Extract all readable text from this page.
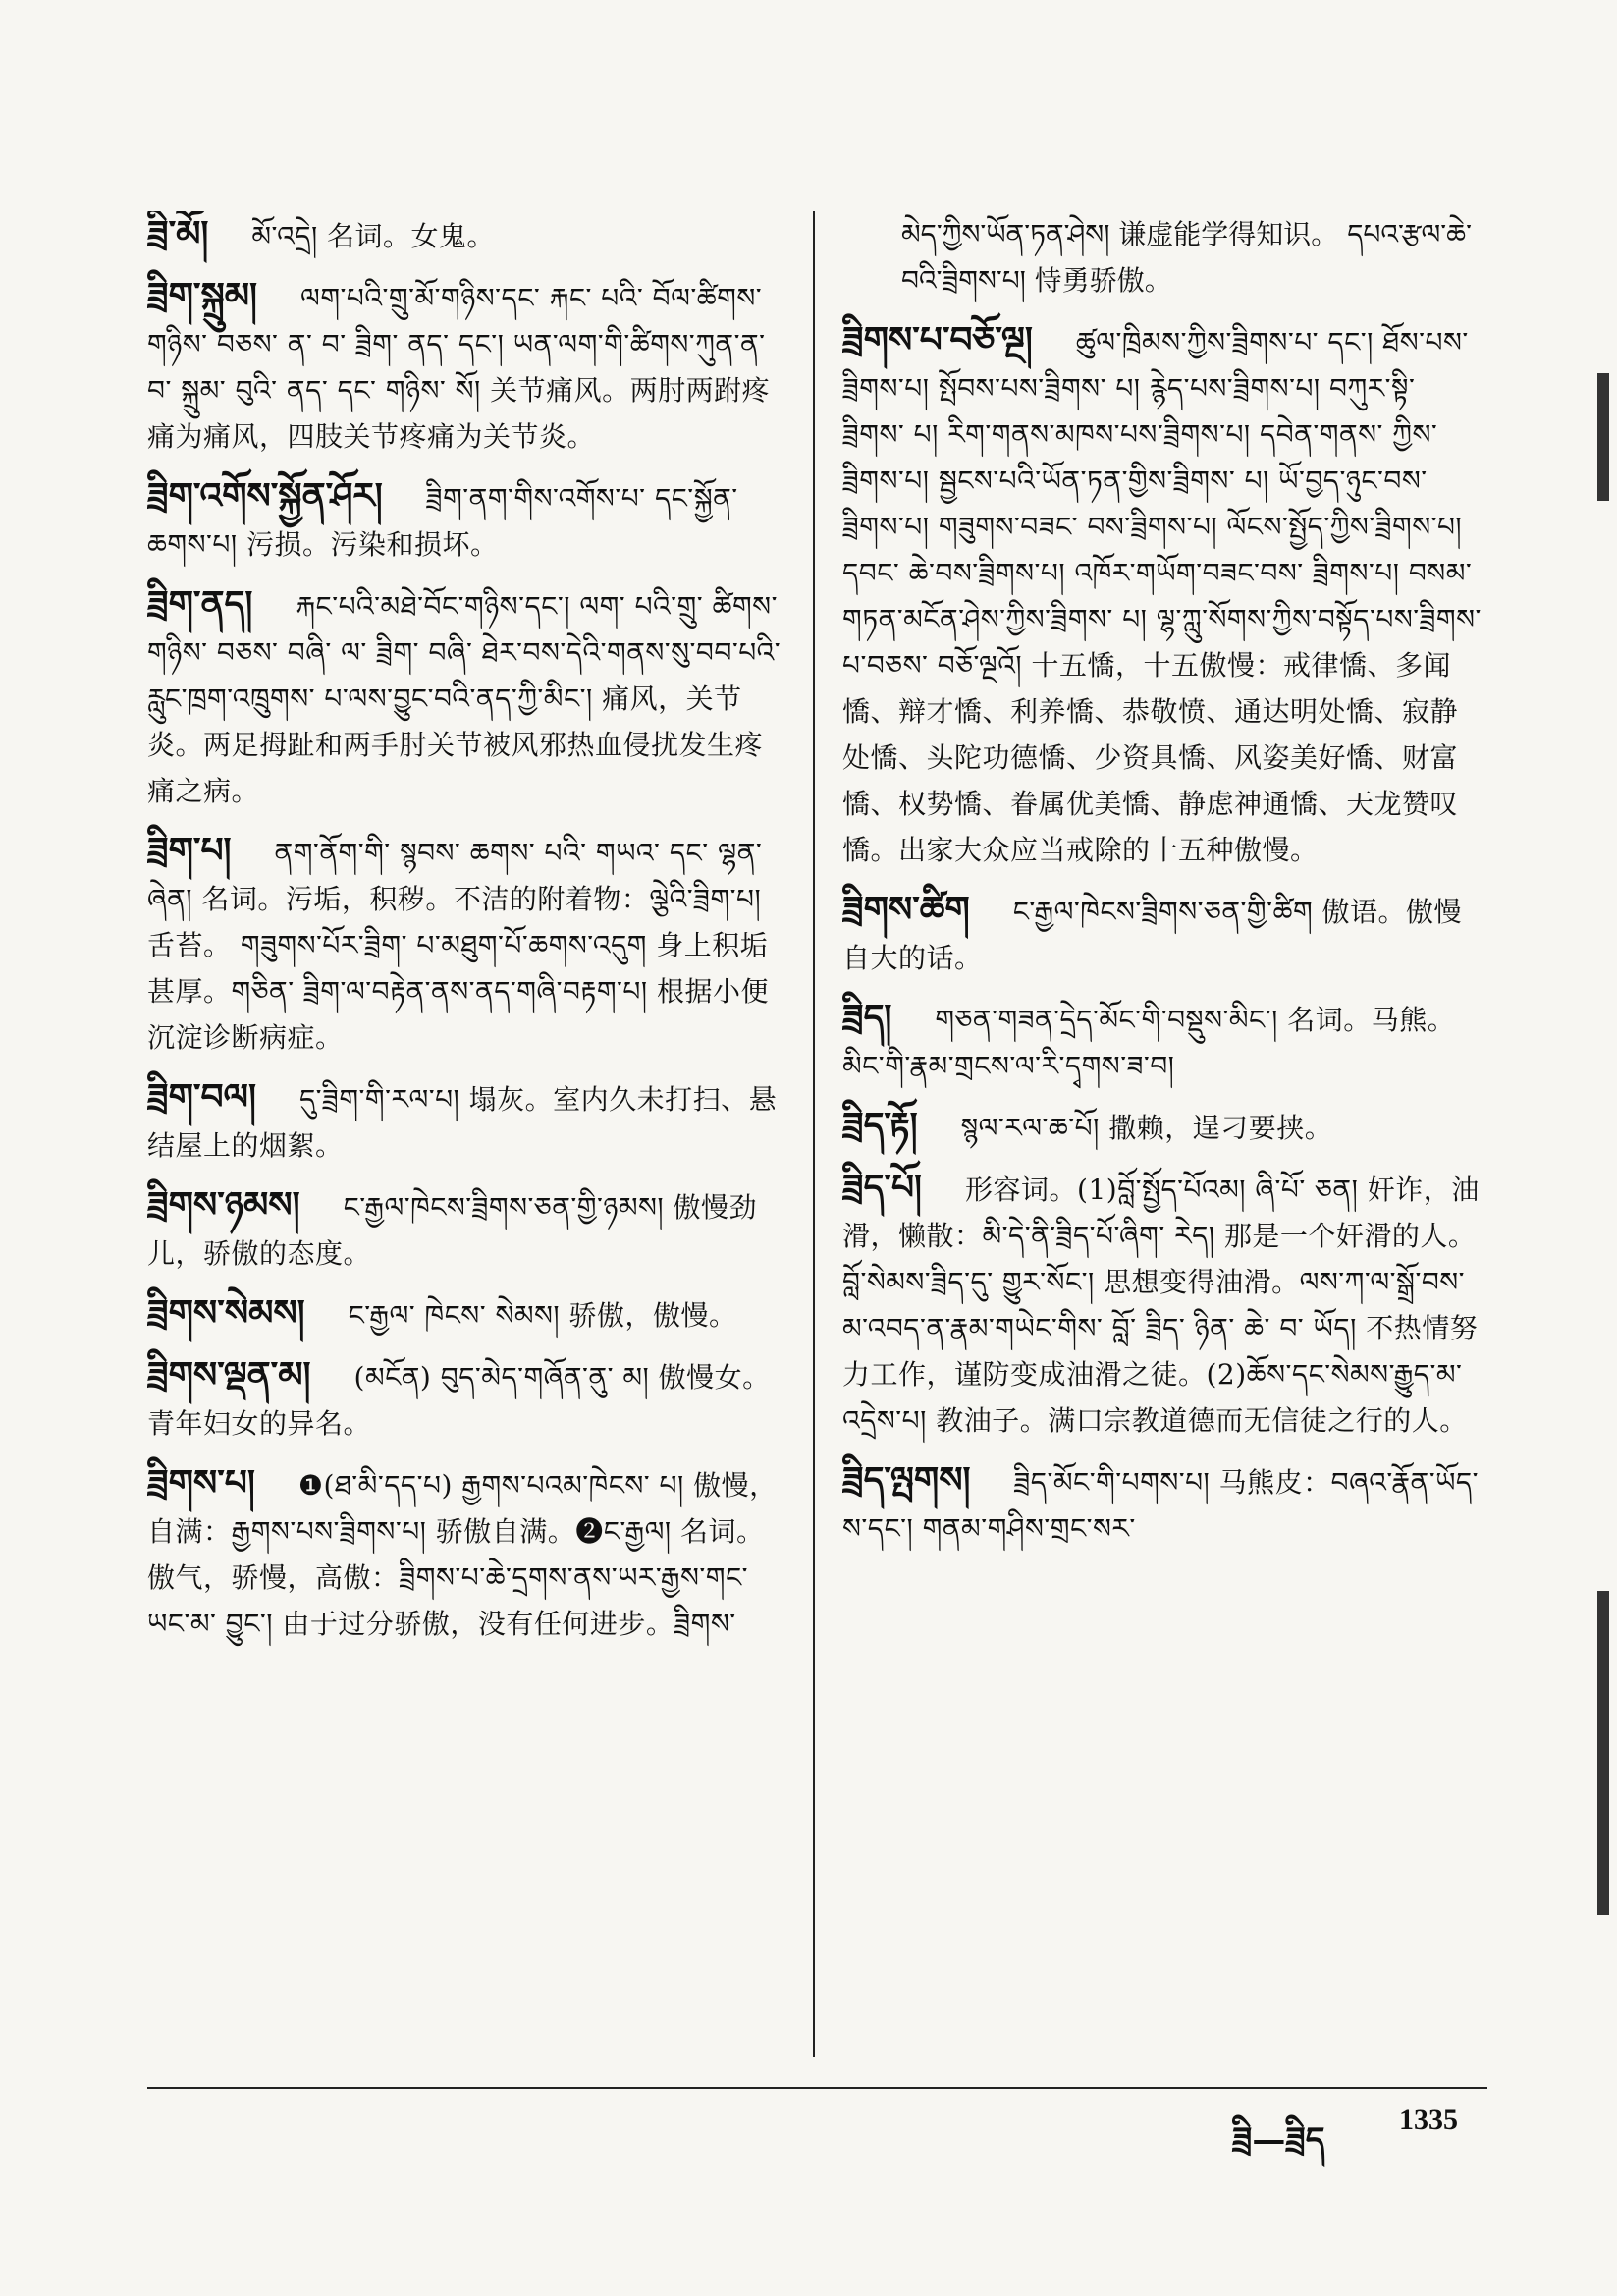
ཟྲི་མོ། མོ་འདྲེ། 名词。女鬼。
ཟྲིག་སྐྲུམ། ལག་པའི་གྲུ་མོ་གཉིས་དང་ རྐང་ པའི་ བོལ་ཚིགས་ གཉིས་ བཅས་ ན་ བ་ ཟྲིག་ ནད་ དང་། ཡན་ལག་གི་ཚིགས་ཀུན་ན་བ་ སྐྲུམ་ བུའི་ ནད་ དང་ གཉིས་ སོ། 关节痛风。两肘两跗疼痛为痛风，四肢关节疼痛为关节炎。
ཟྲིག་འགོས་སྐྱོན་ཤོར། ཟྲིག་ནག་གིས་འགོས་པ་ དང་སྐྱོན་ཆགས་པ། 污损。污染和损坏。
ཟྲིག་ནད། རྐང་པའི་མཐེ་བོང་གཉིས་དང་། ལག་ པའི་གྲུ་ ཚིགས་ གཉིས་ བཅས་ བཞི་ ལ་ ཟྲིག་ བཞི་ ཐེར་བས་དེའི་གནས་སུ་བབ་པའི་རླུང་ཁྲག་འཁྲུགས་ པ་ལས་བྱུང་བའི་ནད་ཀྱི་མིང་། 痛风，关节炎。两足拇趾和两手肘关节被风邪热血侵扰发生疼痛之病。
ཟྲིག་པ། ནག་ནོག་གི་ སྙབས་ ཆགས་ པའི་ གཡའ་ དང་ ལྷན་ ཞེན། 名词。污垢，积秽。不洁的附着物：ལྕེའི་ཟྲིག་པ། 舌苔。 གཟུགས་པོར་ཟྲིག་ པ་མཐུག་པོ་ཆགས་འདུག 身上积垢甚厚。གཅིན་ ཟྲིག་ལ་བརྟེན་ནས་ནད་གཞི་བརྟག་པ། 根据小便沉淀诊断病症。
ཟྲིག་བལ། དུ་ཟྲིག་གི་རལ་པ། 塌灰。室内久未打扫、悬结屋上的烟絮。
ཟྲིགས་ཉམས། ང་རྒྱལ་ཁེངས་ཟྲིགས་ཅན་གྱི་ཉམས། 傲慢劲儿，骄傲的态度。
ཟྲིགས་སེམས། ང་རྒྱལ་ ཁེངས་ སེམས། 骄傲，傲慢。
ཟྲིགས་ལྡན་མ། (མངོན) བུད་མེད་གཞོན་ནུ་ མ། 傲慢女。青年妇女的异名。
ཟྲིགས་པ། ❶(ཐ་མི་དད་པ) རྒྱགས་པའམ་ཁེངས་ པ། 傲慢，自满：རྒྱགས་པས་ཟྲིགས་པ། 骄傲自满。❷ང་རྒྱལ། 名词。傲气，骄慢，高傲：ཟྲིགས་པ་ཆེ་དྲགས་ནས་ཡར་རྒྱས་གང་ཡང་མ་ བྱུང་། 由于过分骄傲，没有任何进步。ཟྲིགས་
མེད་ཀྱིས་ཡོན་ཏན་ཤེས། 谦虚能学得知识。 དཔའ་རྩལ་ཆེ་བའི་ཟྲིགས་པ། 恃勇骄傲。
ཟྲིགས་པ་བཅོ་ལྔ། ཚུལ་ཁྲིམས་ཀྱིས་ཟྲིགས་པ་ དང་། ཐོས་པས་ཟྲིགས་པ། སྤོབས་པས་ཟྲིགས་ པ། རྙེད་པས་ཟྲིགས་པ། བཀུར་སྟི་ ཟྲིགས་ པ། རིག་གནས་མཁས་པས་ཟྲིགས་པ། དབེན་གནས་ ཀྱིས་ཟྲིགས་པ། སྦྱངས་པའི་ཡོན་ཏན་གྱིས་ཟྲིགས་ པ། ཡོ་བྱད་ཉུང་བས་ཟྲིགས་པ། གཟུགས་བཟང་ བས་ཟྲིགས་པ། ལོངས་སྤྱོད་ཀྱིས་ཟྲིགས་པ། དབང་ ཆེ་བས་ཟྲིགས་པ། འཁོར་གཡོག་བཟང་བས་ ཟྲིགས་པ། བསམ་གཏན་མངོན་ཤེས་ཀྱིས་ཟྲིགས་ པ། ལྷ་ཀླུ་སོགས་ཀྱིས་བསྟོད་པས་ཟྲིགས་པ་བཅས་ བཅོ་ལྔའོ། 十五憍，十五傲慢：戒律憍、多闻憍、辩才憍、利养憍、恭敬愤、通达明处憍、寂静处憍、头陀功德憍、少资具憍、风姿美好憍、财富憍、权势憍、眷属优美憍、静虑神通憍、天龙赞叹憍。出家大众应当戒除的十五种傲慢。
ཟྲིགས་ཚིག ང་རྒྱལ་ཁེངས་ཟྲིགས་ཅན་གྱི་ཚིག 傲语。傲慢自大的话。
ཟྲིད། གཅན་གཟན་དྲེད་མོང་གི་བསྡུས་མིང་། 名词。马熊。མིང་གི་རྣམ་གྲངས་ལ་རི་དྭགས་ཟ་བ།
ཟྲིད་རྟོ། སྙལ་རལ་ཆ་པོ། 撒赖，逞刁要挟。
ཟྲིད་པོ། 形容词。(1)བློ་སྤྱོད་པོའམ། ཞི་པོ་ ཅན། 奸诈，油滑，懒散：མི་དེ་ནི་ཟྲིད་པོ་ཞིག་ རེད། 那是一个奸滑的人。 བློ་སེམས་ཟྲིད་དུ་ གྱུར་སོང་། 思想变得油滑。ལས་ཀ་ལ་སྒྲོ་བས་ མ་འབད་ན་རྣམ་གཡེང་གིས་ བློ་ ཟྲིད་ ཉིན་ ཆེ་ བ་ ཡོད། 不热情努力工作，谨防变成油滑之徒。(2)ཆོས་དང་སེམས་རྒྱུད་མ་འདྲེས་པ། 教油子。满口宗教道德而无信徒之行的人。
ཟྲིད་ལྤགས། ཟྲིད་མོང་གི་པགས་པ། 马熊皮：བཞའ་རྣོན་ཡོད་ས་དང་། གནམ་གཤིས་གྲང་སར་
ཟྲི—ཟྲིད
1335
